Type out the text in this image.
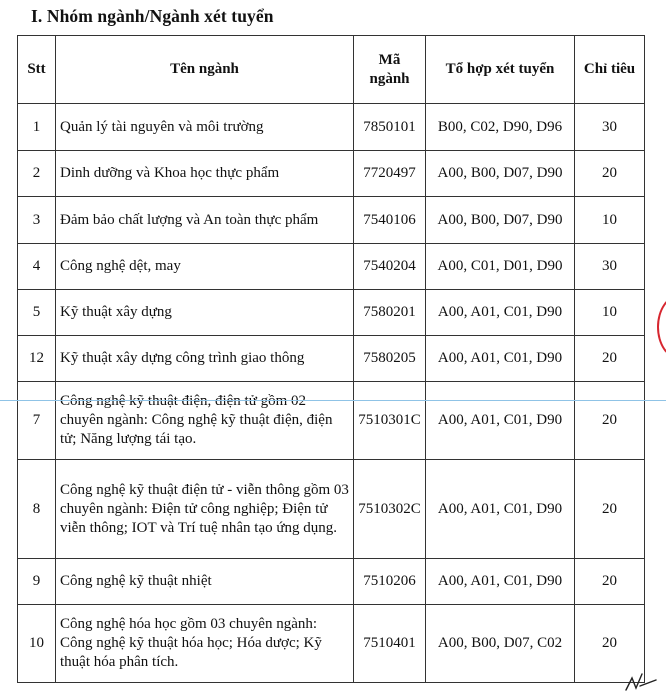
I. Nhóm ngành/Ngành xét tuyển
Stt	Tên ngành	Mã ngành	Tổ hợp xét tuyển	Chỉ tiêu
1	Quản lý tài nguyên và môi trường	7850101	B00, C02, D90, D96	30
2	Dinh dưỡng và Khoa học thực phẩm	7720497	A00, B00, D07, D90	20
3	Đảm bảo chất lượng và An toàn thực phẩm	7540106	A00, B00, D07, D90	10
4	Công nghệ dệt, may	7540204	A00, C01, D01, D90	30
5	Kỹ thuật xây dựng	7580201	A00, A01, C01, D90	10
12	Kỹ thuật xây dựng công trình giao thông	7580205	A00, A01, C01, D90	20
7	Công nghệ kỹ thuật điện, điện tử gồm 02 chuyên ngành: Công nghệ kỹ thuật điện, điện tử; Năng lượng tái tạo.	7510301C	A00, A01, C01, D90	20
8	Công nghệ kỹ thuật điện tử - viễn thông gồm 03 chuyên ngành: Điện tử công nghiệp; Điện tử viễn thông; IOT và Trí tuệ nhân tạo ứng dụng.	7510302C	A00, A01, C01, D90	20
9	Công nghệ kỹ thuật nhiệt	7510206	A00, A01, C01, D90	20
10	Công nghệ hóa học gồm 03 chuyên ngành: Công nghệ kỹ thuật hóa học; Hóa dược; Kỹ thuật hóa phân tích.	7510401	A00, B00, D07, C02	20
